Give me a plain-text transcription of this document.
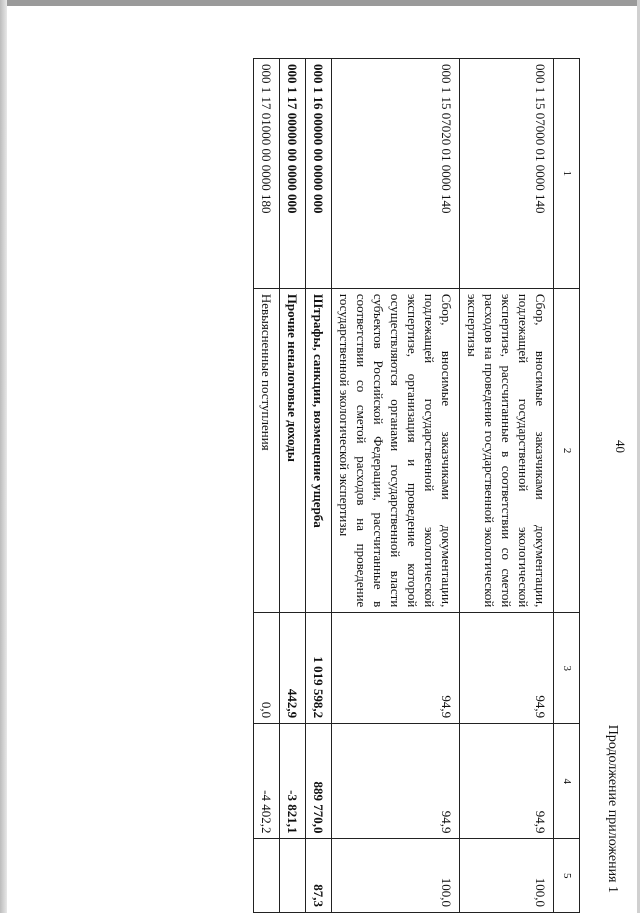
40
Продолжение приложения 1
1	2	3	4	5
000 1 15 07000 01 0000 140	Сбор, вносимые заказчиками документации, подлежащей государственной экологической экспертизе, рассчитанные в соответствии со сметой расходов на проведение государственной экологической экспертизы	94,9	94,9	100,0
000 1 15 07020 01 0000 140	Сбор, вносимые заказчиками документации, подлежащей государственной экологической экспертизе, организация и проведение которой осуществляются органами государственной власти субъектов Российской Федерации, рассчитанные в соответствии со сметой расходов на проведение государственной экологической экспертизы	94,9	94,9	100,0
000 1 16 00000 00 0000 000	Штрафы, санкции, возмещение ущерба	1 019 598,2	889 770,0	87,3
000 1 17 00000 00 0000 000	Прочие неналоговые доходы	442,9	-3 821,1	
000 1 17 01000 00 0000 180	Невыясненные поступления	0,0	-4 402,2	
